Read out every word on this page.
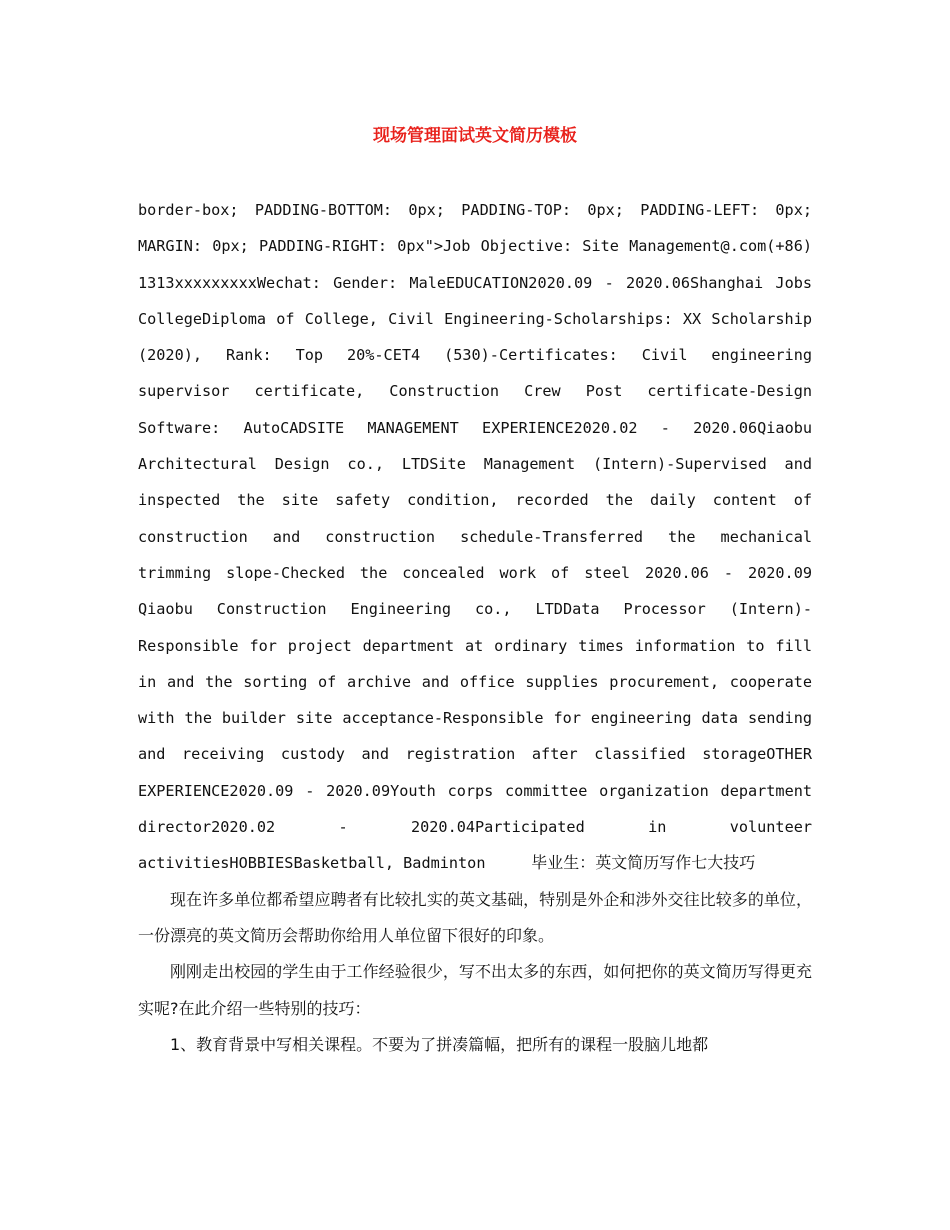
现场管理面试英文简历模板

border-box; PADDING-BOTTOM: 0px; PADDING-TOP: 0px; PADDING-LEFT: 0px; MARGIN: 0px; PADDING-RIGHT: 0px">Job Objective: Site Management@.com(+86) 1313xxxxxxxxxWechat: Gender: MaleEDUCATION2020.09 - 2020.06Shanghai Jobs CollegeDiploma of College, Civil Engineering-Scholarships: XX Scholarship (2020), Rank: Top 20%-CET4 (530)-Certificates: Civil engineering supervisor certificate, Construction Crew Post certificate-Design Software: AutoCADSITE MANAGEMENT EXPERIENCE2020.02 - 2020.06Qiaobu Architectural Design co., LTDSite Management (Intern)-Supervised and inspected the site safety condition, recorded the daily content of construction and construction schedule-Transferred the mechanical trimming slope-Checked the concealed work of steel 2020.06 - 2020.09 Qiaobu Construction Engineering co., LTDData Processor (Intern)-Responsible for project department at ordinary times information to fill in and the sorting of archive and office supplies procurement, cooperate with the builder site acceptance-Responsible for engineering data sending and receiving custody and registration after classified storageOTHER EXPERIENCE2020.09 - 2020.09Youth corps committee organization department director2020.02 - 2020.04Participated in volunteer activitiesHOBBIESBasketball, Badminton	毕业生：英文简历写作七大技巧

现在许多单位都希望应聘者有比较扎实的英文基础，特别是外企和涉外交往比较多的单位，一份漂亮的英文简历会帮助你给用人单位留下很好的印象。

刚刚走出校园的学生由于工作经验很少，写不出太多的东西，如何把你的英文简历写得更充实呢?在此介绍一些特别的技巧：

1、教育背景中写相关课程。不要为了拼凑篇幅，把所有的课程一股脑儿地都
